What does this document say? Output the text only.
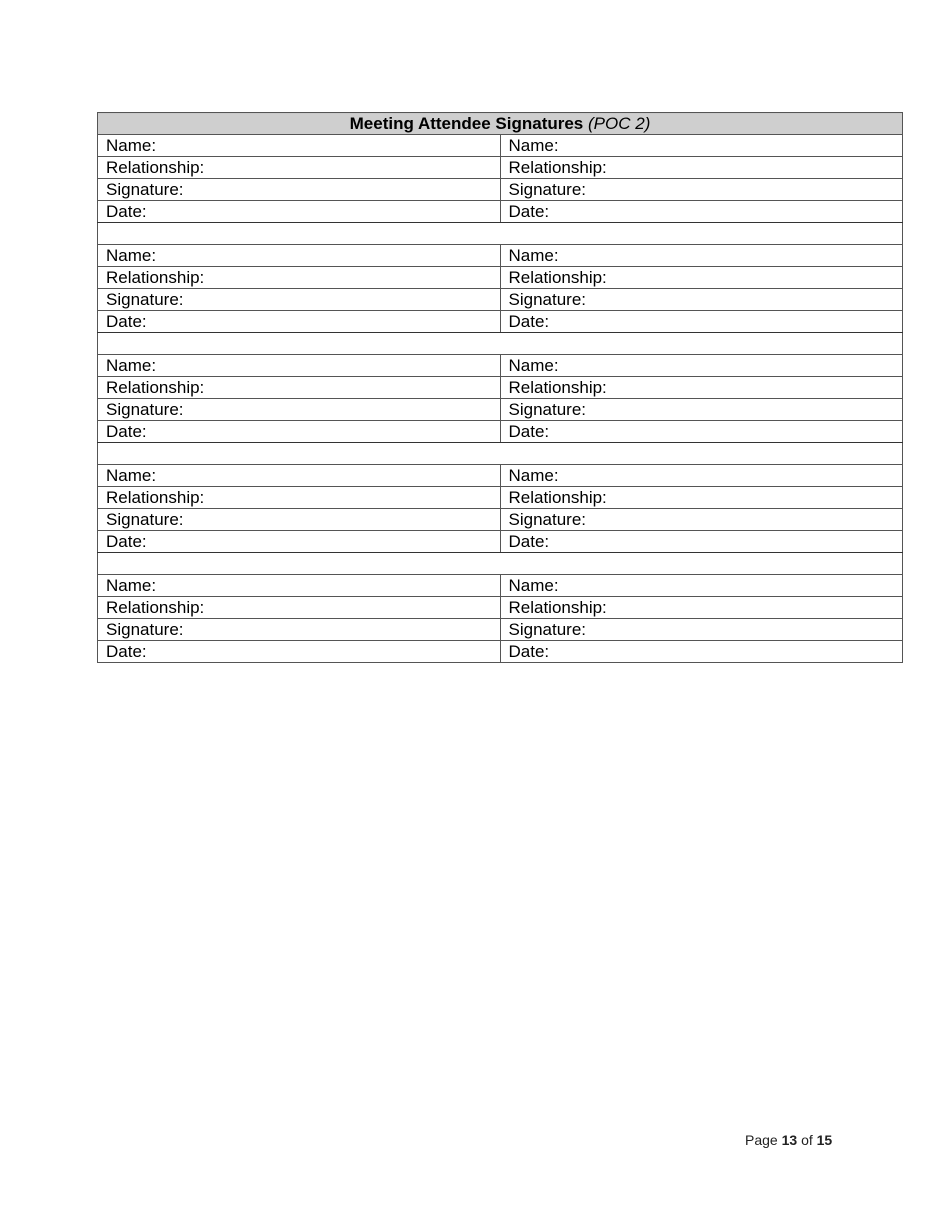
Meeting Attendee Signatures (POC 2)	
Name:	Name:
Relationship:	Relationship:
Signature:	Signature:
Date:	Date:

Name:	Name:
Relationship:	Relationship:
Signature:	Signature:
Date:	Date:

Name:	Name:
Relationship:	Relationship:
Signature:	Signature:
Date:	Date:

Name:	Name:
Relationship:	Relationship:
Signature:	Signature:
Date:	Date:

Name:	Name:
Relationship:	Relationship:
Signature:	Signature:
Date:	Date:
Page 13 of 15
